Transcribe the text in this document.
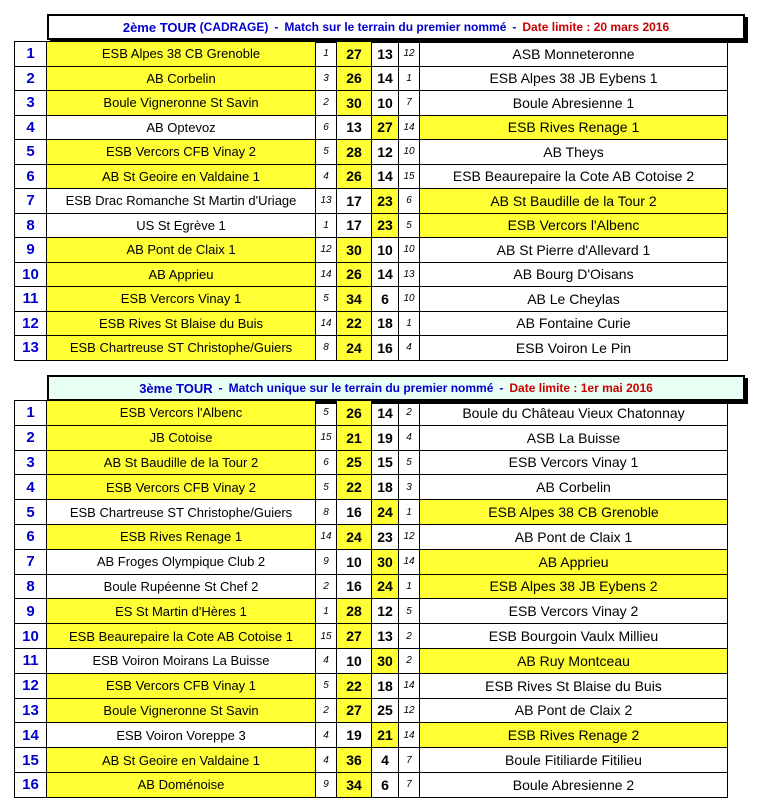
2ème TOUR
(CADRAGE) - Match sur le terrain du premier nommé - Date limite : 20 mars 2016
1	ESB Alpes 38 CB Grenoble	1	27	13	12	ASB Monneteronne
2	AB Corbelin	3	26	14	1	ESB Alpes 38 JB Eybens 1
3	Boule Vigneronne St Savin	2	30	10	7	Boule Abresienne 1
4	AB Optevoz	6	13	27	14	ESB Rives Renage 1
5	ESB Vercors CFB Vinay 2	5	28	12	10	AB Theys
6	AB St Geoire en Valdaine 1	4	26	14	15	ESB Beaurepaire la Cote AB Cotoise 2
7	ESB Drac Romanche St Martin d'Uriage	13	17	23	6	AB St Baudille de la Tour 2
8	US St Egrève 1	1	17	23	5	ESB Vercors l'Albenc
9	AB Pont de Claix 1	12	30	10	10	AB St Pierre d'Allevard 1
10	AB Apprieu	14	26	14	13	AB Bourg D'Oisans
11	ESB Vercors Vinay 1	5	34	6	10	AB Le Cheylas
12	ESB Rives St Blaise du Buis	14	22	18	1	AB Fontaine Curie
13	ESB Chartreuse ST Christophe/Guiers	8	24	16	4	ESB Voiron Le Pin
3ème TOUR - Match unique sur le terrain du premier nommé - Date limite : 1er mai 2016
1	ESB Vercors l'Albenc	5	26	14	2	Boule du Château Vieux Chatonnay
2	JB Cotoise	15	21	19	4	ASB La Buisse
3	AB St Baudille de la Tour 2	6	25	15	5	ESB Vercors Vinay 1
4	ESB Vercors CFB Vinay 2	5	22	18	3	AB Corbelin
5	ESB Chartreuse ST Christophe/Guiers	8	16	24	1	ESB Alpes 38 CB Grenoble
6	ESB Rives Renage 1	14	24	23	12	AB Pont de Claix 1
7	AB Froges Olympique Club 2	9	10	30	14	AB Apprieu
8	Boule Rupéenne St Chef 2	2	16	24	1	ESB Alpes 38 JB Eybens 2
9	ES St Martin d'Hères 1	1	28	12	5	ESB Vercors Vinay 2
10	ESB Beaurepaire la Cote AB Cotoise 1	15	27	13	2	ESB Bourgoin Vaulx Millieu
11	ESB Voiron Moirans La Buisse	4	10	30	2	AB Ruy Montceau
12	ESB Vercors CFB Vinay 1	5	22	18	14	ESB Rives St Blaise du Buis
13	Boule Vigneronne St Savin	2	27	25	12	AB Pont de Claix 2
14	ESB Voiron Voreppe 3	4	19	21	14	ESB Rives Renage 2
15	AB St Geoire en Valdaine 1	4	36	4	7	Boule Fitiliarde Fitilieu
16	AB Doménoise	9	34	6	7	Boule Abresienne 2
